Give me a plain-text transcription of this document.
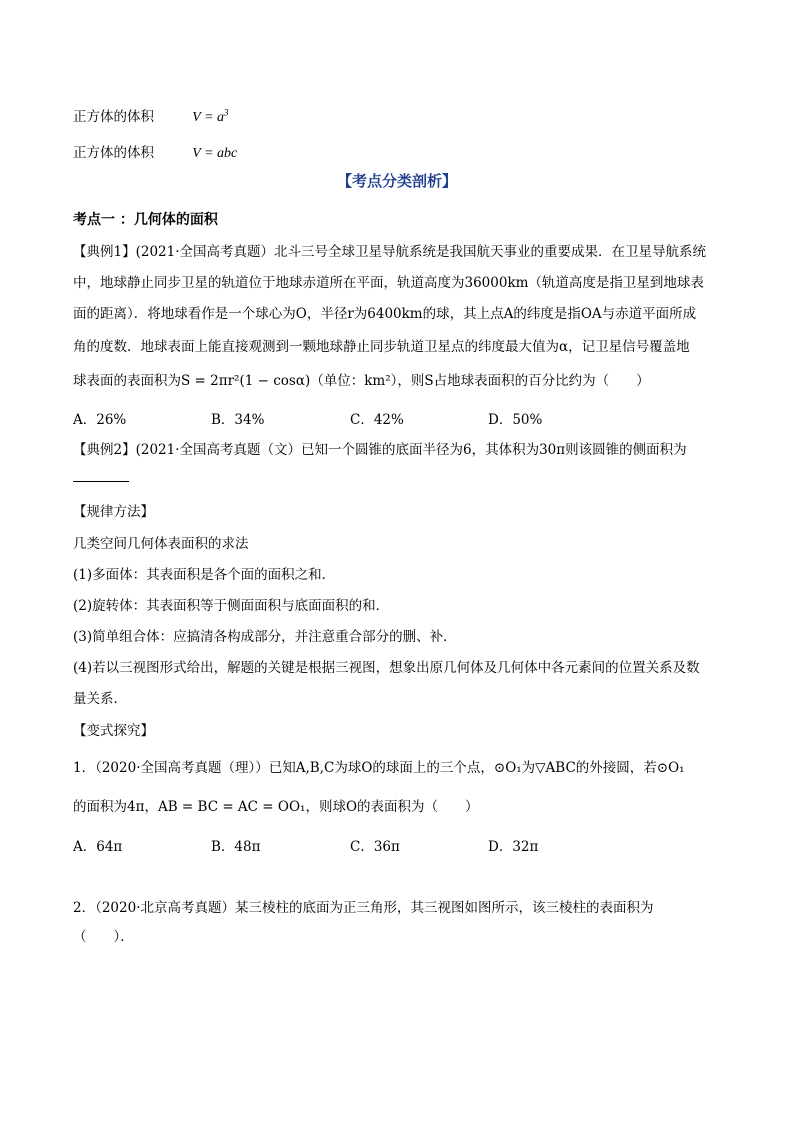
正方体的体积	$V = a^3$
正方体的体积	V = abc
【考点分类剖析】
考点一 ：几何体的面积
【典例1】(2021·全国高考真题）北斗三号全球卫星导航系统是我国航天事业的重要成果．在卫星导航系统
中，地球静止同步卫星的轨道位于地球赤道所在平面，轨道高度为36000km（轨道高度是指卫星到地球表
面的距离）．将地球看作是一个球心为O，半径r为6400km的球，其上点A的纬度是指OA与赤道平面所成
角的度数．地球表面上能直接观测到一颗地球静止同步轨道卫星点的纬度最大值为α，记卫星信号覆盖地
球表面的表面积为S = 2πr²(1 − cosα)（单位：km²），则S占地球表面积的百分比约为（　　）
A．26%	B．34%	C．42%	D．50%
【典例2】(2021·全国高考真题（文）已知一个圆锥的底面半径为6，其体积为30π则该圆锥的侧面积为
【规律方法】
几类空间几何体表面积的求法
(1)多面体：其表面积是各个面的面积之和．
(2)旋转体：其表面积等于侧面面积与底面面积的和．
(3)简单组合体：应搞清各构成部分，并注意重合部分的删、补．
(4)若以三视图形式给出，解题的关键是根据三视图，想象出原几何体及几何体中各元素间的位置关系及数
量关系．
【变式探究】
1．（2020·全国高考真题（理））已知A,B,C为球O的球面上的三个点，⊙O₁为▽ABC的外接圆，若⊙O₁
的面积为4π，AB = BC = AC = OO₁，则球O的表面积为（　　）
A．64π	B．48π	C．36π	D．32π
2．（2020·北京高考真题）某三棱柱的底面为正三角形，其三视图如图所示，该三棱柱的表面积为
（　　）．
